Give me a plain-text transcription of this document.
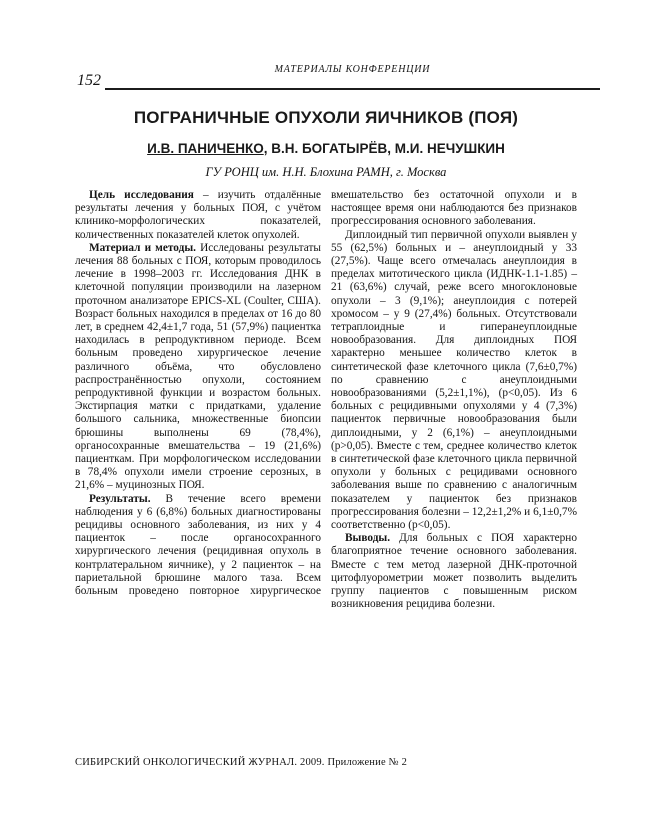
152
МАТЕРИАЛЫ КОНФЕРЕНЦИИ
ПОГРАНИЧНЫЕ ОПУХОЛИ ЯИЧНИКОВ (ПОЯ)
И.В. ПАНИЧЕНКО, В.Н. БОГАТЫРЁВ, М.И. НЕЧУШКИН
ГУ РОНЦ им. Н.Н. Блохина РАМН, г. Москва

Цель исследования – изучить отдалённые результаты лечения у больных ПОЯ, с учётом клинико-морфологических показателей, количественных показателей клеток опухолей.

Материал и методы. Исследованы результаты лечения 88 больных с ПОЯ, которым проводилось лечение в 1998–2003 гг. Исследования ДНК в клеточной популяции производили на лазерном проточном анализаторе EPICS-XL (Coulter, США). Возраст больных находился в пределах от 16 до 80 лет, в среднем 42,4±1,7 года, 51 (57,9%) пациентка находилась в репродуктивном периоде. Всем больным проведено хирургическое лечение различного объёма, что обусловлено распространённостью опухоли, состоянием репродуктивной функции и возрастом больных. Экстирпация матки с придатками, удаление большого сальника, множественные биопсии брюшины выполнены 69 (78,4%), органосохранные вмешательства – 19 (21,6%) пациенткам. При морфологическом исследовании в 78,4% опухоли имели строение серозных, в 21,6% – муцинозных ПОЯ.

Результаты. В течение всего времени наблюдения у 6 (6,8%) больных диагностированы рецидивы основного заболевания, из них у 4 пациенток – после органосохранного хирургического лечения (рецидивная опухоль в контрлатеральном яичнике), у 2 пациенток – на париетальной брюшине малого таза. Всем больным проведено повторное хирургическое

вмешательство без остаточной опухоли и в настоящее время они наблюдаются без признаков прогрессирования основного заболевания.

Диплоидный тип первичной опухоли выявлен у 55 (62,5%) больных и – анеуплоидный у 33 (27,5%). Чаще всего отмечалась анеуплоидия в пределах митотического цикла (ИДНК-1.1-1.85) – 21 (63,6%) случай, реже всего многоклоновые опухоли – 3 (9,1%); анеуплоидия с потерей хромосом – у 9 (27,4%) больных. Отсутствовали тетраплоидные и гиперанеуплоидные новообразования. Для диплоидных ПОЯ характерно меньшее количество клеток в синтетической фазе клеточного цикла (7,6±0,7%) по сравнению с анеуплоидными новообразованиями (5,2±1,1%), (р<0,05). Из 6 больных с рецидивными опухолями у 4 (7,3%) пациенток первичные новообразования были диплоидными, у 2 (6,1%) – анеуплоидными (р>0,05). Вместе с тем, среднее количество клеток в синтетической фазе клеточного цикла первичной опухоли у больных с рецидивами основного заболевания выше по сравнению с аналогичным показателем у пациенток без признаков прогрессирования болезни – 12,2±1,2% и 6,1±0,7% соответственно (р<0,05).

Выводы. Для больных с ПОЯ характерно благоприятное течение основного заболевания. Вместе с тем метод лазерной ДНК-проточной цитофлуорометрии может позволить выделить группу пациентов с повышенным риском возникновения рецидива болезни.

СИБИРСКИЙ ОНКОЛОГИЧЕСКИЙ ЖУРНАЛ. 2009. Приложение № 2
